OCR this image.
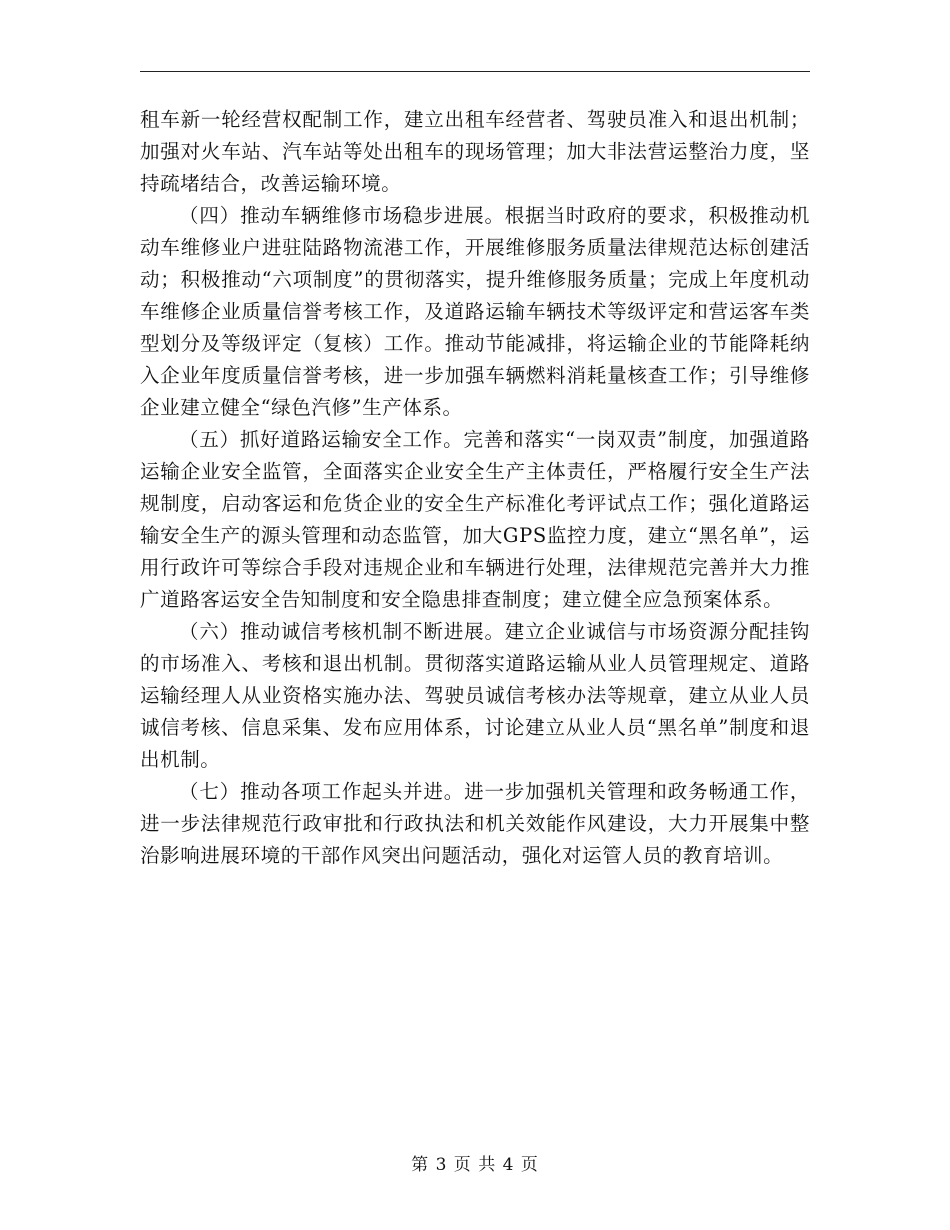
租车新一轮经营权配制工作，建立出租车经营者、驾驶员准入和退出机制；加强对火车站、汽车站等处出租车的现场管理；加大非法营运整治力度，坚持疏堵结合，改善运输环境。

（四）推动车辆维修市场稳步进展。根据当时政府的要求，积极推动机动车维修业户进驻陆路物流港工作，开展维修服务质量法律规范达标创建活动；积极推动“六项制度”的贯彻落实，提升维修服务质量；完成上年度机动车维修企业质量信誉考核工作，及道路运输车辆技术等级评定和营运客车类型划分及等级评定（复核）工作。推动节能减排，将运输企业的节能降耗纳入企业年度质量信誉考核，进一步加强车辆燃料消耗量核查工作；引导维修企业建立健全“绿色汽修”生产体系。

（五）抓好道路运输安全工作。完善和落实“一岗双责”制度，加强道路运输企业安全监管，全面落实企业安全生产主体责任，严格履行安全生产法规制度，启动客运和危货企业的安全生产标准化考评试点工作；强化道路运输安全生产的源头管理和动态监管，加大GPS监控力度，建立“黑名单”，运用行政许可等综合手段对违规企业和车辆进行处理，法律规范完善并大力推广道路客运安全告知制度和安全隐患排查制度；建立健全应急预案体系。

（六）推动诚信考核机制不断进展。建立企业诚信与市场资源分配挂钩的市场准入、考核和退出机制。贯彻落实道路运输从业人员管理规定、道路运输经理人从业资格实施办法、驾驶员诚信考核办法等规章，建立从业人员诚信考核、信息采集、发布应用体系，讨论建立从业人员“黑名单”制度和退出机制。

（七）推动各项工作起头并进。进一步加强机关管理和政务畅通工作，进一步法律规范行政审批和行政执法和机关效能作风建设，大力开展集中整治影响进展环境的干部作风突出问题活动，强化对运管人员的教育培训。

第 3 页 共 4 页
